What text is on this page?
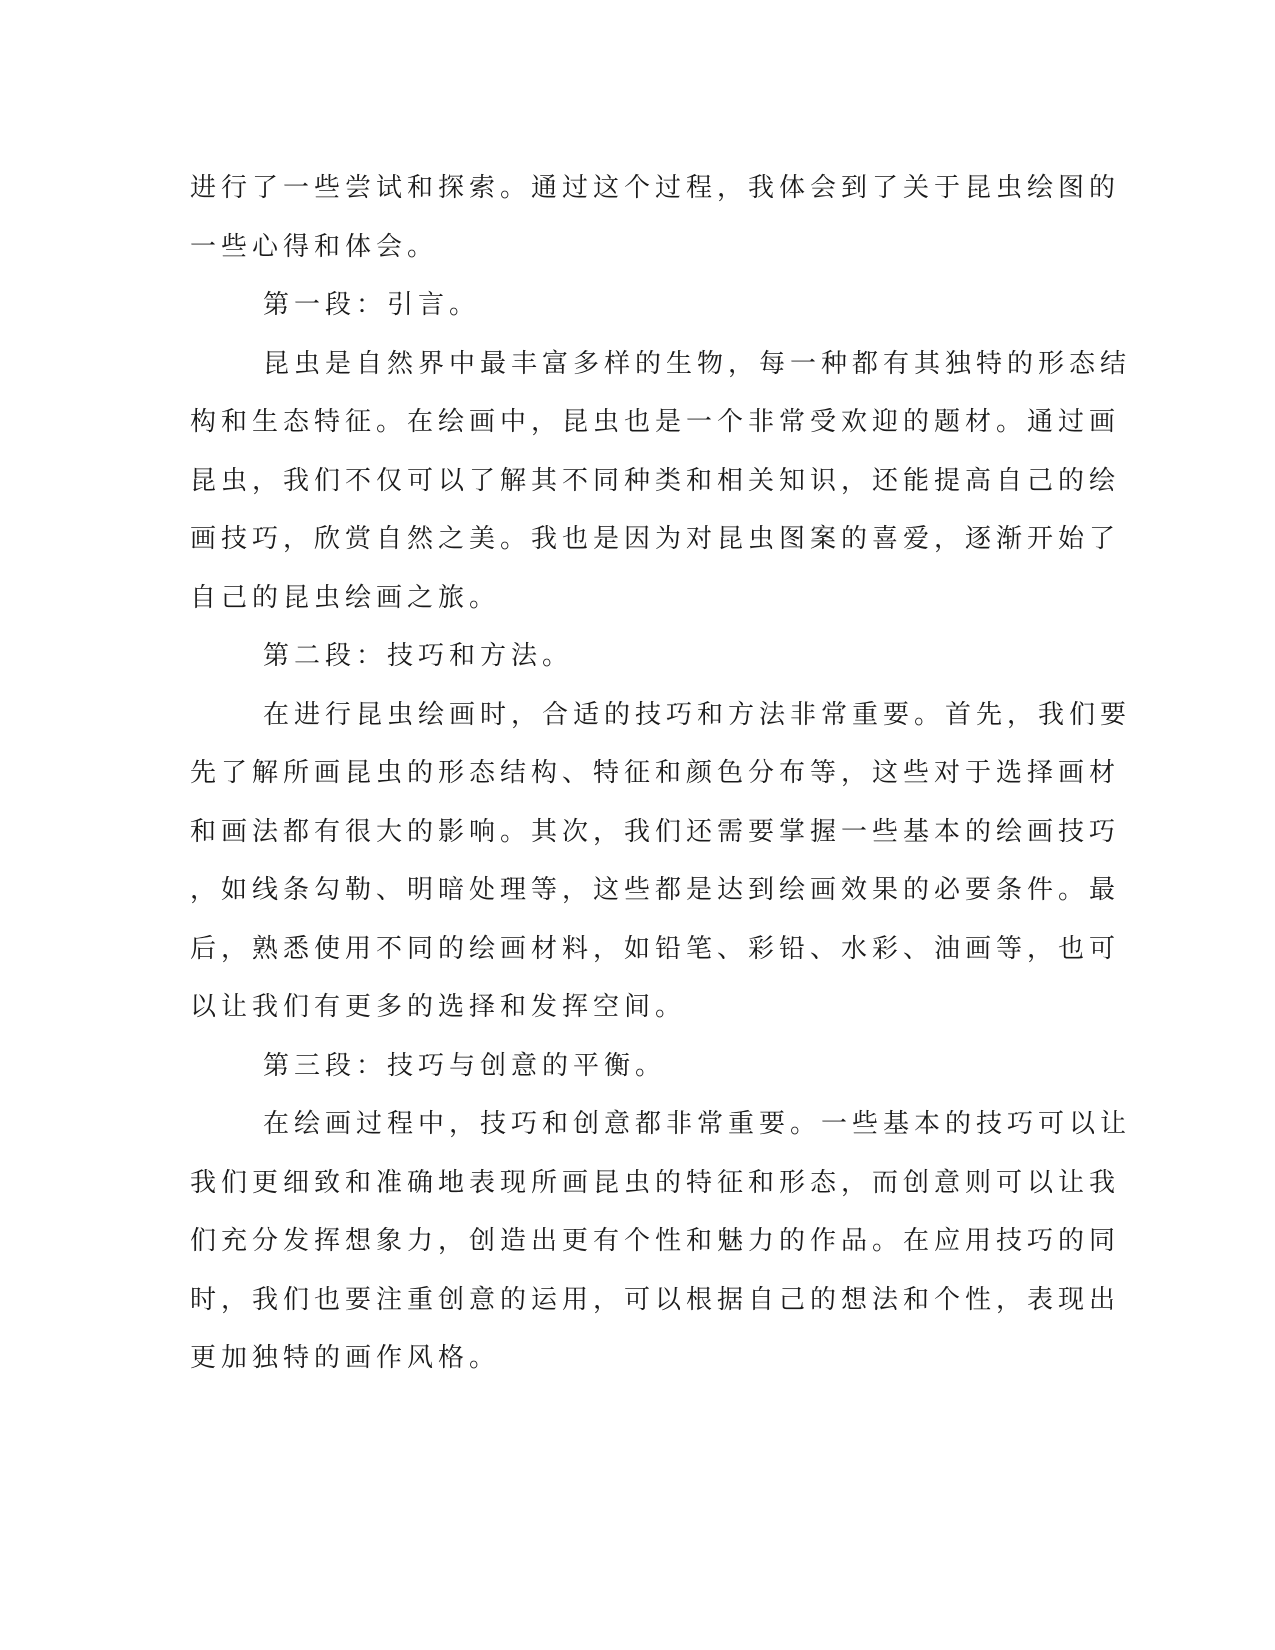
进行了一些尝试和探索。通过这个过程，我体会到了关于昆虫绘图的
一些心得和体会。
第一段：引言。
昆虫是自然界中最丰富多样的生物，每一种都有其独特的形态结
构和生态特征。在绘画中，昆虫也是一个非常受欢迎的题材。通过画
昆虫，我们不仅可以了解其不同种类和相关知识，还能提高自己的绘
画技巧，欣赏自然之美。我也是因为对昆虫图案的喜爱，逐渐开始了
自己的昆虫绘画之旅。
第二段：技巧和方法。
在进行昆虫绘画时，合适的技巧和方法非常重要。首先，我们要
先了解所画昆虫的形态结构、特征和颜色分布等，这些对于选择画材
和画法都有很大的影响。其次，我们还需要掌握一些基本的绘画技巧
，如线条勾勒、明暗处理等，这些都是达到绘画效果的必要条件。最
后，熟悉使用不同的绘画材料，如铅笔、彩铅、水彩、油画等，也可
以让我们有更多的选择和发挥空间。
第三段：技巧与创意的平衡。
在绘画过程中，技巧和创意都非常重要。一些基本的技巧可以让
我们更细致和准确地表现所画昆虫的特征和形态，而创意则可以让我
们充分发挥想象力，创造出更有个性和魅力的作品。在应用技巧的同
时，我们也要注重创意的运用，可以根据自己的想法和个性，表现出
更加独特的画作风格。
